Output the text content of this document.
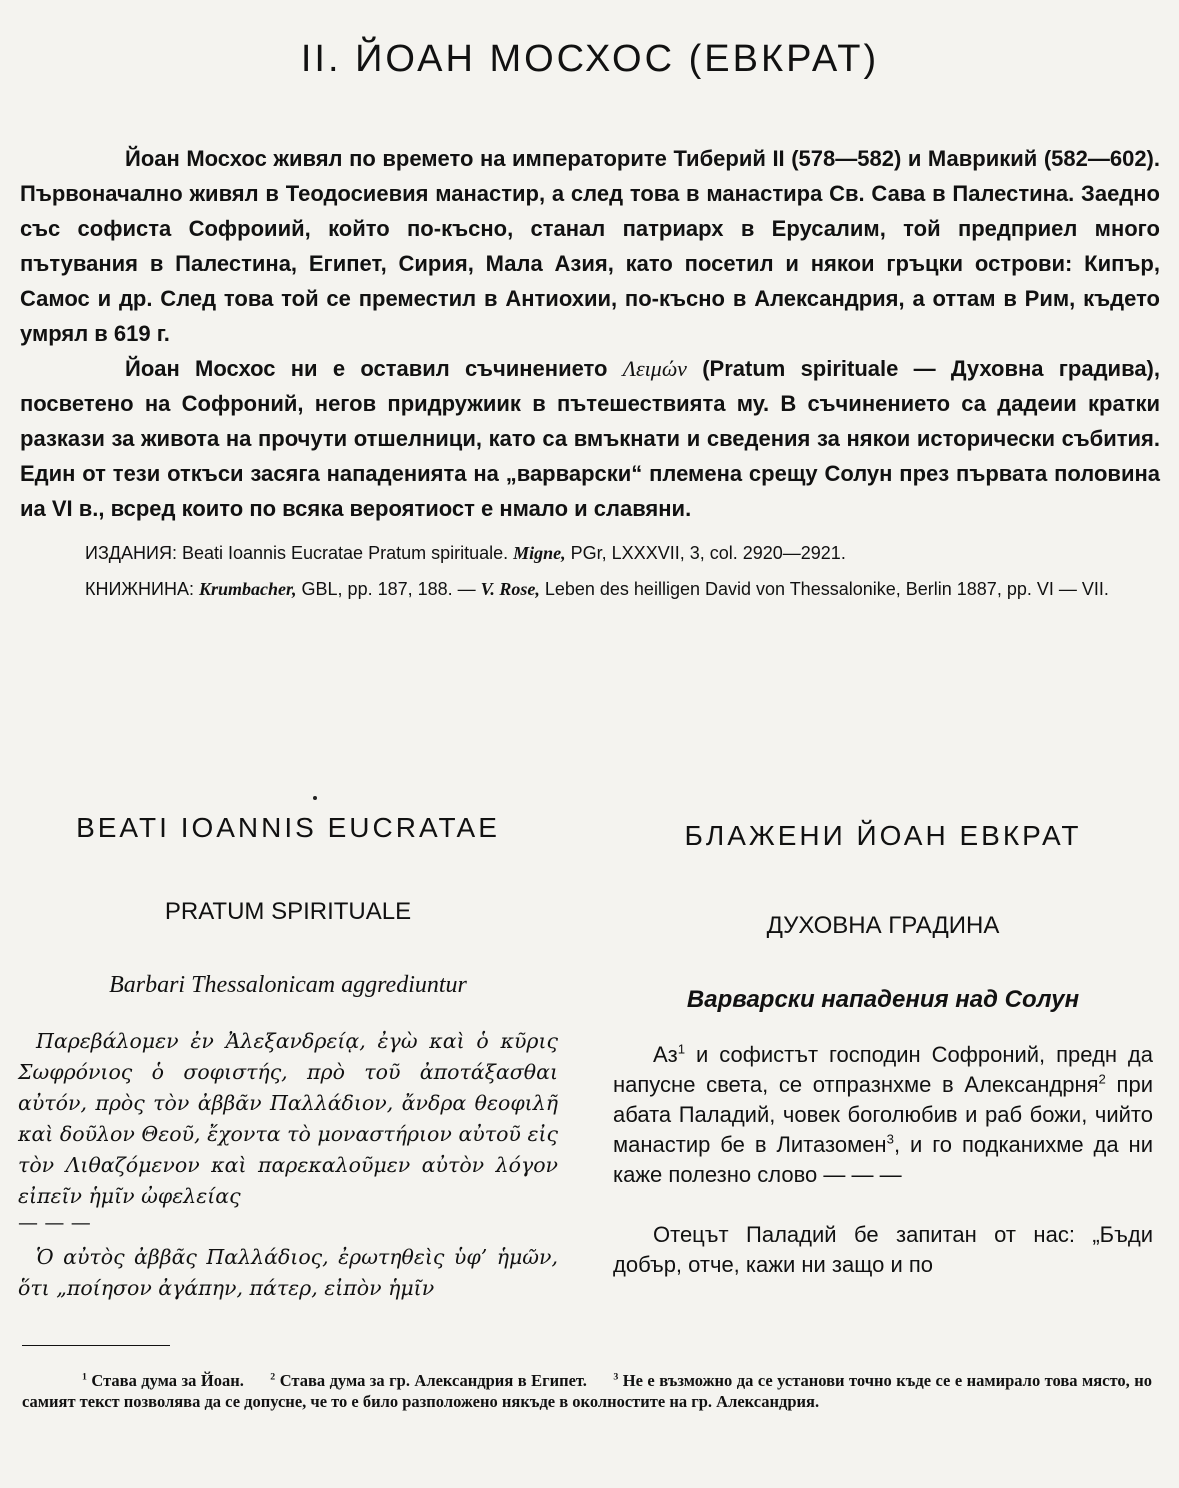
II. ЙОАН МОСХОС (ЕВКРАТ)

Йоан Мосхос живял по времето на императорите Тиберий II (578—582) и Маврикий (582—602). Първоначално живял в Теодосиевия манастир, а след това в манастира Св. Сава в Палестина. Заедно със софиста Софроиий, който по-късно, станал патриарх в Ерусалим, той предприел много пътувания в Палестина, Египет, Сирия, Мала Азия, като посетил и някои гръцки острови: Кипър, Самос и др. След това той се преместил в Антиохии, по-късно в Александрия, а оттам в Рим, където умрял в 619 г.

Йоан Мосхос ни е оставил съчинението Λειμών (Pratum spirituale — Духовна градива), посветено на Софроний, негов придружиик в пътешествията му. В съчинението са дадеии кратки разкази за живота на прочути отшелници, като са вмъкнати и сведения за някои исторически събития. Един от тези откъси засяга нападенията на „варварски“ племена срещу Солун през първата половина иа VI в., всред които по всяка вероятиост е нмало и славяни.

ИЗДАНИЯ: Beati Ioannis Eucratae Pratum spirituale. Migne, PGr, LXXXVII, 3, col. 2920—2921.

КНИЖНИНА: Krumbacher, GBL, pp. 187, 188. — V. Rose, Leben des heilligen David von Thessalonike, Berlin 1887, pp. VI — VII.

BEATI IOANNIS EUCRATAE

PRATUM SPIRITUALE

Barbari Thessalonicam aggrediuntur

Παρεβάλομεν ἐν Ἀλεξανδρείᾳ, ἐγὼ καὶ ὁ κῦρις Σωφρόνιος ὁ σοφιστής, πρὸ τοῦ ἀποτάξασθαι αὐτόν, πρὸς τὸν ἀββᾶν Παλλάδιον, ἄνδρα θεοφιλῆ καὶ δοῦλον Θεοῦ, ἔχοντα τὸ μοναστήριον αὐτοῦ εἰς τὸν Λιθαζόμενον καὶ παρεκαλοῦμεν αὐτὸν λόγον εἰπεῖν ἡμῖν ὠφελείας

— — —

Ὁ αὐτὸς ἀββᾶς Παλλάδιος, ἐρωτηθεὶς ὑφ’ ἡμῶν, ὅτι „ποίησον ἀγάπην, πάτερ, εἰπὸν ἡμῖν

БЛАЖЕНИ ЙОАН ЕВКРАТ

ДУХОВНА ГРАДИНА

Варварски нападения над Солун

$Аз^1$ и софистът господин Софроний, предн да напусне света, се отпразнхме в Александрня$^2$ при абата Паладий, човек боголюбив и раб божи, чийто манастир бе в Литазомен$^3$, и го подканихме да ни каже полезно слово — — —

Отецът Паладий бе запитан от нас: „Бъди добър, отче, кажи ни защо и по

$^1$ Става дума за Йоан.	$^2$ Става дума за гр. Александрия в Египет.	$^3$ Не е възможно да се установи точно къде се е намирало това място, но самият текст позволява да се допусне, че то е било разположено някъде в околностите на гр. Александрия.
